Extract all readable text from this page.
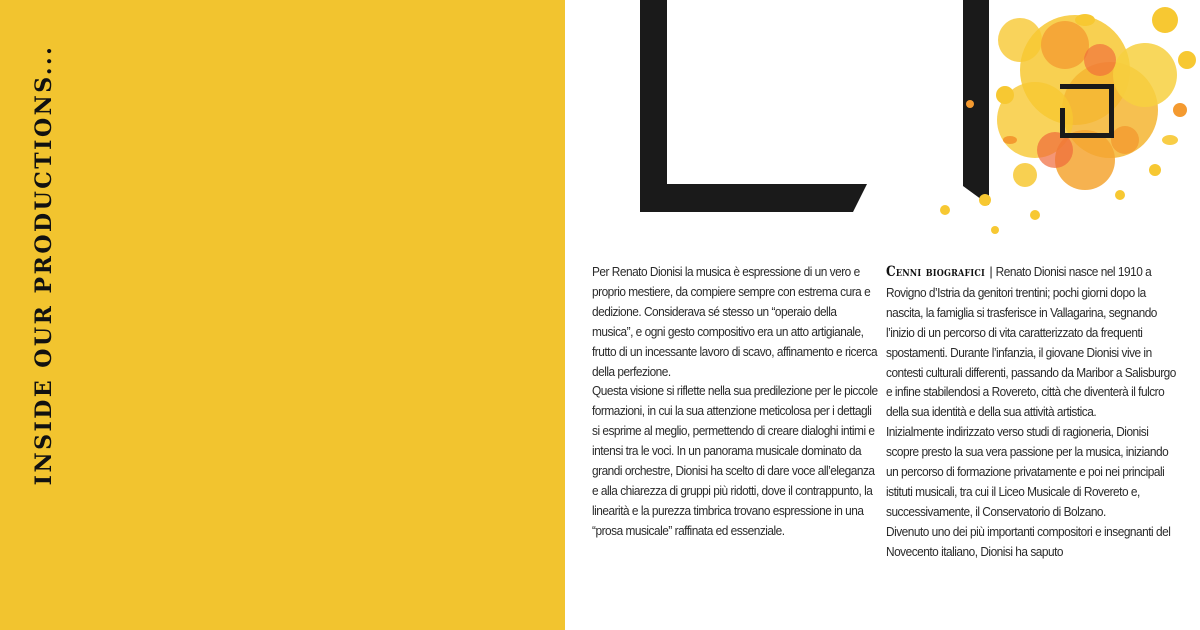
INSIDE OUR PRODUCTIONS...	Per Renato Dionisi la musica è espressione di un vero e proprio mestiere, da compiere sempre con estrema cura e dedizione. Considerava sé stesso un “operaio della musica”, e ogni gesto compositivo era un atto artigianale, frutto di un incessante lavoro di scavo, affinamento e ricerca della perfezione.

Questa visione si riflette nella sua predilezione per le piccole formazioni, in cui la sua attenzione meticolosa per i dettagli si esprime al meglio, permettendo di creare dialoghi intimi e intensi tra le voci. In un panorama musicale dominato da grandi orchestre, Dionisi ha scelto di dare voce all’eleganza e alla chiarezza di gruppi più ridotti, dove il contrappunto, la linearità e la purezza timbrica trovano espressione in una “prosa musicale” raffinata ed essenziale.

Cenni biografici | Renato Dionisi nasce nel 1910 a Rovigno d’Istria da genitori trentini; pochi giorni dopo la nascita, la famiglia si trasferisce in Vallagarina, segnando l’inizio di un percorso di vita caratterizzato da frequenti spostamenti. Durante l’infanzia, il giovane Dionisi vive in contesti culturali differenti, passando da Maribor a Salisburgo e infine stabilendosi a Rovereto, città che diventerà il fulcro della sua identità e della sua attività artistica.

Inizialmente indirizzato verso studi di ragioneria, Dionisi scopre presto la sua vera passione per la musica, iniziando un percorso di formazione privatamente e poi nei principali istituti musicali, tra cui il Liceo Musicale di Rovereto e, successivamente, il Conservatorio di Bolzano.

Divenuto uno dei più importanti compositori e insegnanti del Novecento italiano, Dionisi ha saputo
